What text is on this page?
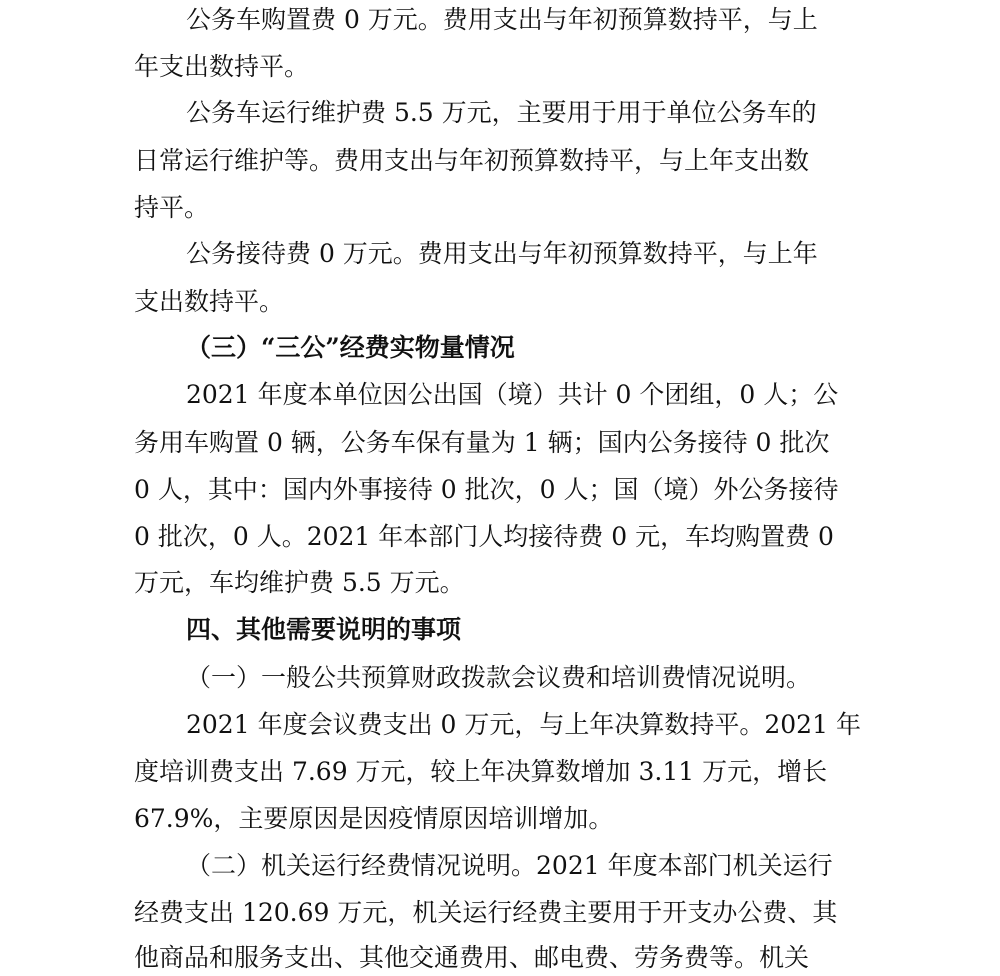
公务车购置费 0 万元。费用支出与年初预算数持平，与上
年支出数持平。
公务车运行维护费 5.5 万元，主要用于用于单位公务车的
日常运行维护等。费用支出与年初预算数持平，与上年支出数
持平。
公务接待费 0 万元。费用支出与年初预算数持平，与上年
支出数持平。
（三）“三公”经费实物量情况
2021 年度本单位因公出国（境）共计 0 个团组，0 人；公
务用车购置 0 辆，公务车保有量为 1 辆；国内公务接待 0 批次
0 人，其中：国内外事接待 0 批次，0 人；国（境）外公务接待
0 批次，0 人。2021 年本部门人均接待费 0 元，车均购置费 0
万元，车均维护费 5.5 万元。
四、其他需要说明的事项
（一）一般公共预算财政拨款会议费和培训费情况说明。
2021 年度会议费支出 0 万元，与上年决算数持平。2021 年
度培训费支出 7.69 万元，较上年决算数增加 3.11 万元，增长
67.9%，主要原因是因疫情原因培训增加。
（二）机关运行经费情况说明。2021 年度本部门机关运行
经费支出 120.69 万元，机关运行经费主要用于开支办公费、其
他商品和服务支出、其他交通费用、邮电费、劳务费等。机关
